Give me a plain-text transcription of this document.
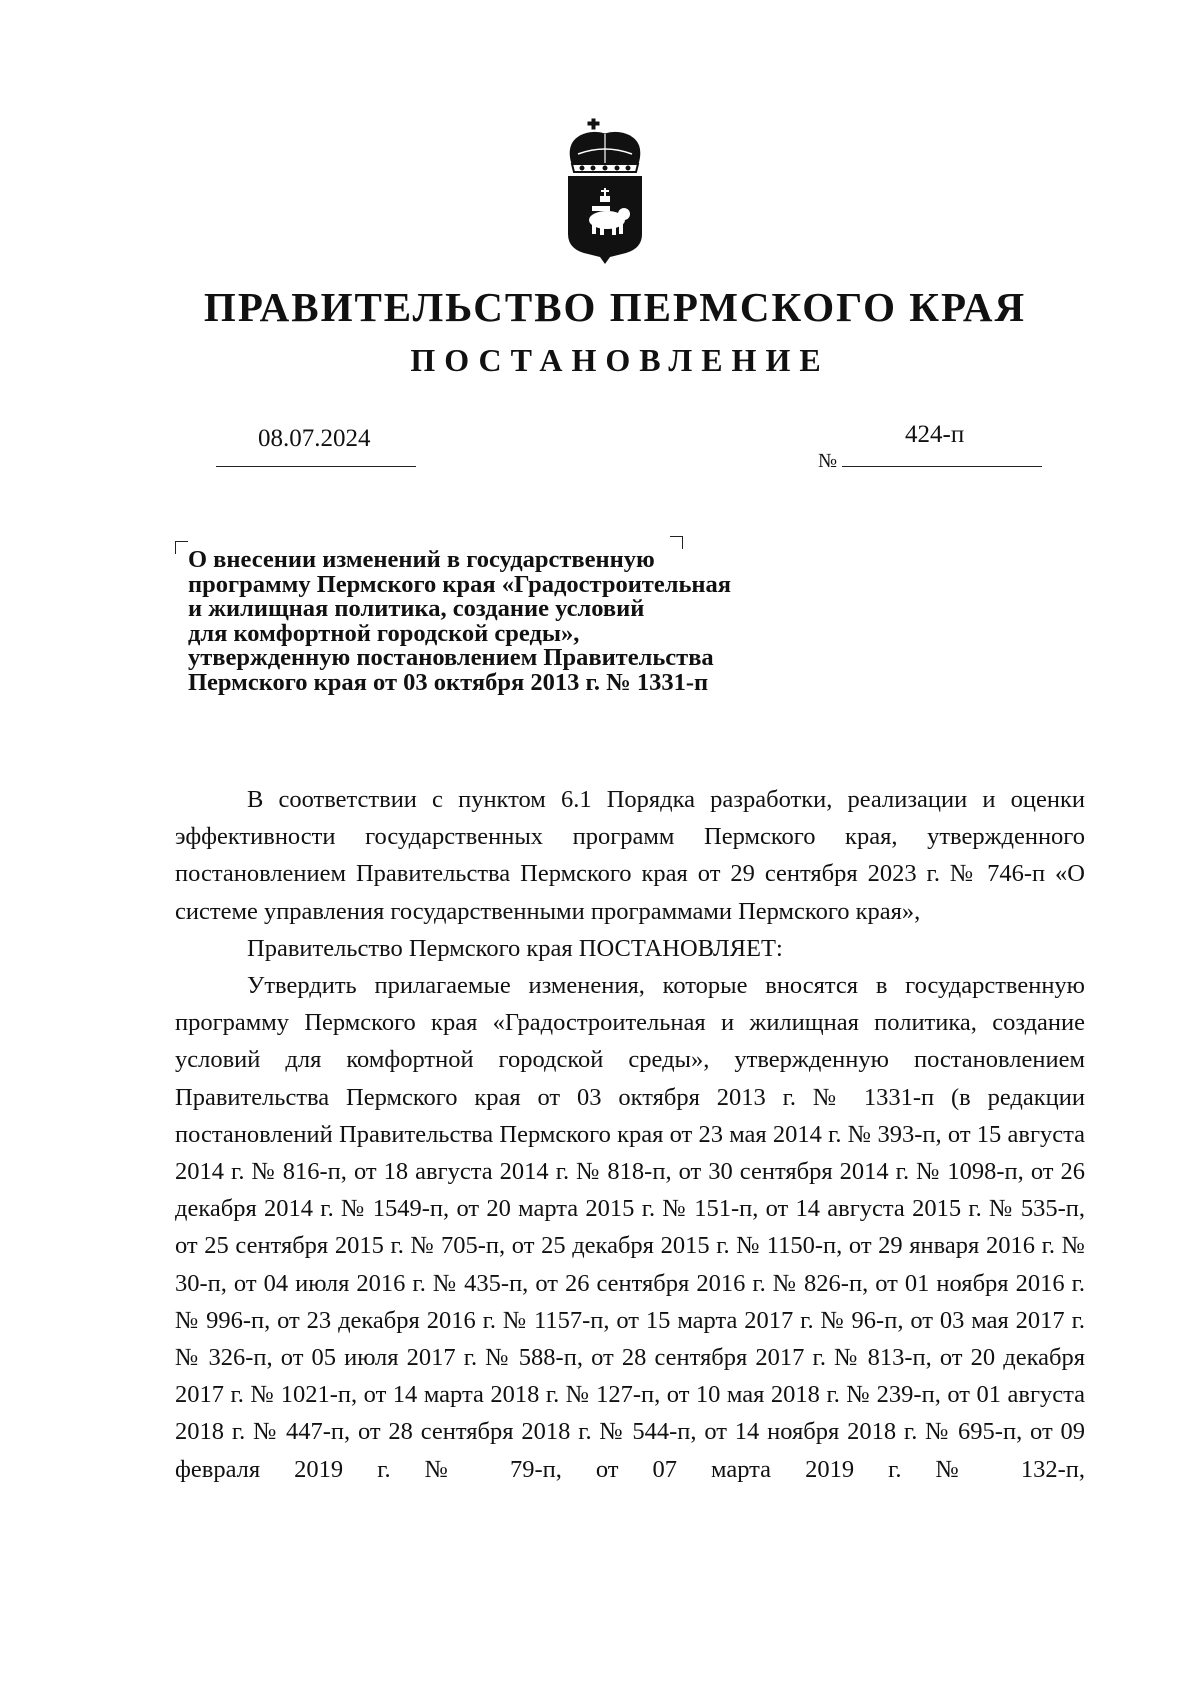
ПРАВИТЕЛЬСТВО ПЕРМСКОГО КРАЯ
ПОСТАНОВЛЕНИЕ
08.07.2024	424-п
№
О внесении изменений в государственную
программу Пермского края «Градостроительная
и жилищная политика, создание условий
для комфортной городской среды»,
утвержденную постановлением Правительства
Пермского края от 03 октября 2013 г. № 1331-п

В соответствии с пунктом 6.1 Порядка разработки, реализации и оценки эффективности государственных программ Пермского края, утвержденного постановлением Правительства Пермского края от 29 сентября 2023 г. № 746-п «О системе управления государственными программами Пермского края»,

Правительство Пермского края ПОСТАНОВЛЯЕТ:

Утвердить прилагаемые изменения, которые вносятся в государственную программу Пермского края «Градостроительная и жилищная политика, создание условий для комфортной городской среды», утвержденную постановлением Правительства Пермского края от 03 октября 2013 г. № 1331-п (в редакции постановлений Правительства Пермского края от 23 мая 2014 г. № 393-п, от 15 августа 2014 г. № 816-п, от 18 августа 2014 г. № 818-п, от 30 сентября 2014 г. № 1098-п, от 26 декабря 2014 г. № 1549-п, от 20 марта 2015 г. № 151-п, от 14 августа 2015 г. № 535-п, от 25 сентября 2015 г. № 705-п, от 25 декабря 2015 г. № 1150-п, от 29 января 2016 г. № 30-п, от 04 июля 2016 г. № 435-п, от 26 сентября 2016 г. № 826-п, от 01 ноября 2016 г. № 996-п, от 23 декабря 2016 г. № 1157-п, от 15 марта 2017 г. № 96-п, от 03 мая 2017 г. № 326-п, от 05 июля 2017 г. № 588-п, от 28 сентября 2017 г. № 813-п, от 20 декабря 2017 г. № 1021-п, от 14 марта 2018 г. № 127-п, от 10 мая 2018 г. № 239-п, от 01 августа 2018 г. № 447-п, от 28 сентября 2018 г. № 544-п, от 14 ноября 2018 г. № 695-п, от 09 февраля 2019 г. № 79-п, от 07 марта 2019 г. № 132-п,
